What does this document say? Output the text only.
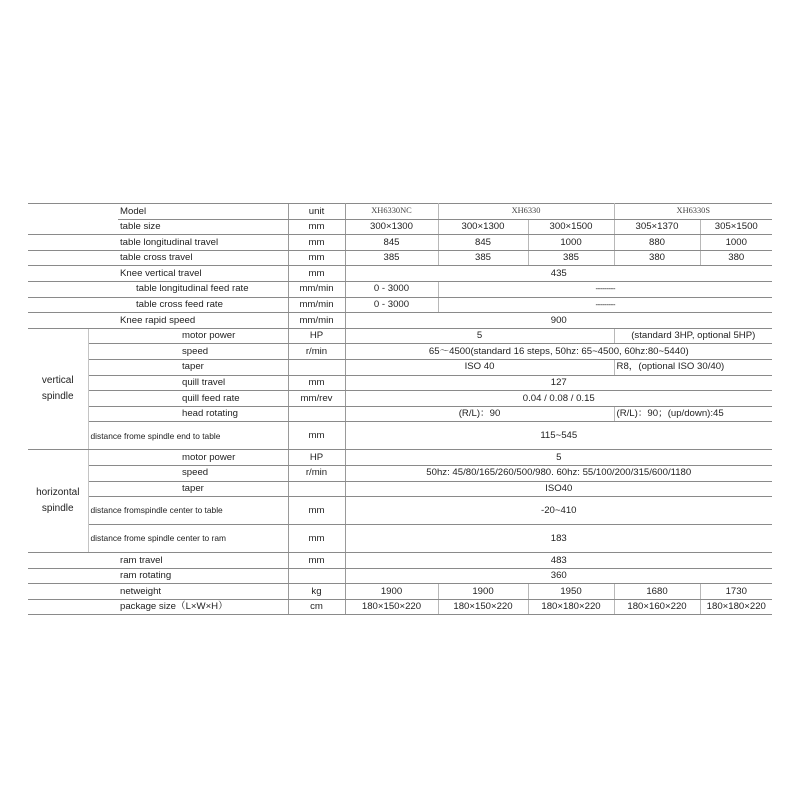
		Model	unit	XH6330NC	XH6330		XH6330S	
		table size	mm	300×1300	300×1300	300×1500	305×1370	305×1500
		table longitudinal travel	mm	845	845	1000	880	1000
		table cross travel	mm	385	385	385	380	380
		Knee vertical travel	mm	435				
		table longitudinal feed rate	mm/min	0 - 3000	---------			
		table cross feed rate	mm/min	0 - 3000	---------			
		Knee rapid speed	mm/min	900				
vertical
spindle		motor power	HP	5			(standard 3HP, optional 5HP)	
		speed	r/min	65～4500(standard 16 steps, 50hz: 65~4500, 60hz:80~5440)				
		taper		ISO 40			R8，(optional ISO 30/40)	
		quill travel	mm	127				
		quill feed rate	mm/rev	0.04 / 0.08 / 0.15				
		head rotating		(R/L)：90			(R/L)：90；(up/down):45	
	distance frome spindle end to table		mm	115~545				
horizontal
spindle		motor power	HP	5				
		speed	r/min	50hz: 45/80/165/260/500/980. 60hz: 55/100/200/315/600/1180				
		taper		ISO40				
	distance fromspindle center to table		mm	-20~410				
	distance frome spindle center to ram		mm	183				
		ram travel	mm	483				
		ram rotating		360				
		netweight	kg	1900	1900	1950	1680	1730
		package size（L×W×H）	cm	180×150×220	180×150×220	180×180×220	180×160×220	180×180×220
